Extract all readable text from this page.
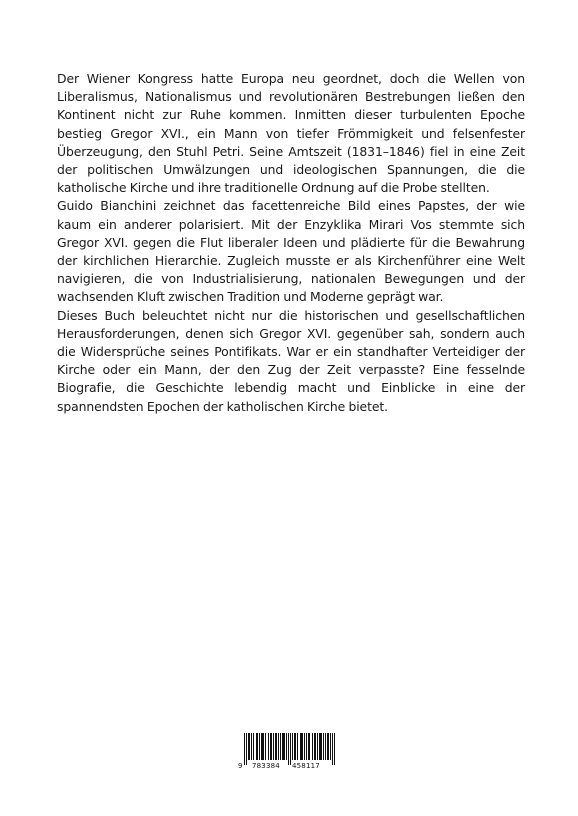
Der Wiener Kongress hatte Europa neu geordnet, doch die Wellen von Liberalismus, Nationalismus und revolutionären Bestrebungen ließen den Kontinent nicht zur Ruhe kommen. Inmitten dieser turbulenten Epoche bestieg Gregor XVI., ein Mann von tiefer Frömmigkeit und felsenfester Überzeugung, den Stuhl Petri. Seine Amtszeit (1831–1846) fiel in eine Zeit der politischen Umwälzungen und ideologischen Spannungen, die die katholische Kirche und ihre traditionelle Ordnung auf die Probe stellten.

Guido Bianchini zeichnet das facettenreiche Bild eines Papstes, der wie kaum ein anderer polarisiert. Mit der Enzyklika Mirari Vos stemmte sich Gregor XVI. gegen die Flut liberaler Ideen und plädierte für die Bewahrung der kirchlichen Hierarchie. Zugleich musste er als Kirchenführer eine Welt navigieren, die von Industrialisierung, nationalen Bewegungen und der wachsenden Kluft zwischen Tradition und Moderne geprägt war.

Dieses Buch beleuchtet nicht nur die historischen und gesellschaftlichen Herausforderungen, denen sich Gregor XVI. gegenüber sah, sondern auch die Widersprüche seines Pontifikats. War er ein standhafter Verteidiger der Kirche oder ein Mann, der den Zug der Zeit verpasste? Eine fesselnde Biografie, die Geschichte lebendig macht und Einblicke in eine der spannendsten Epochen der katholischen Kirche bietet.

9 783384 458117
